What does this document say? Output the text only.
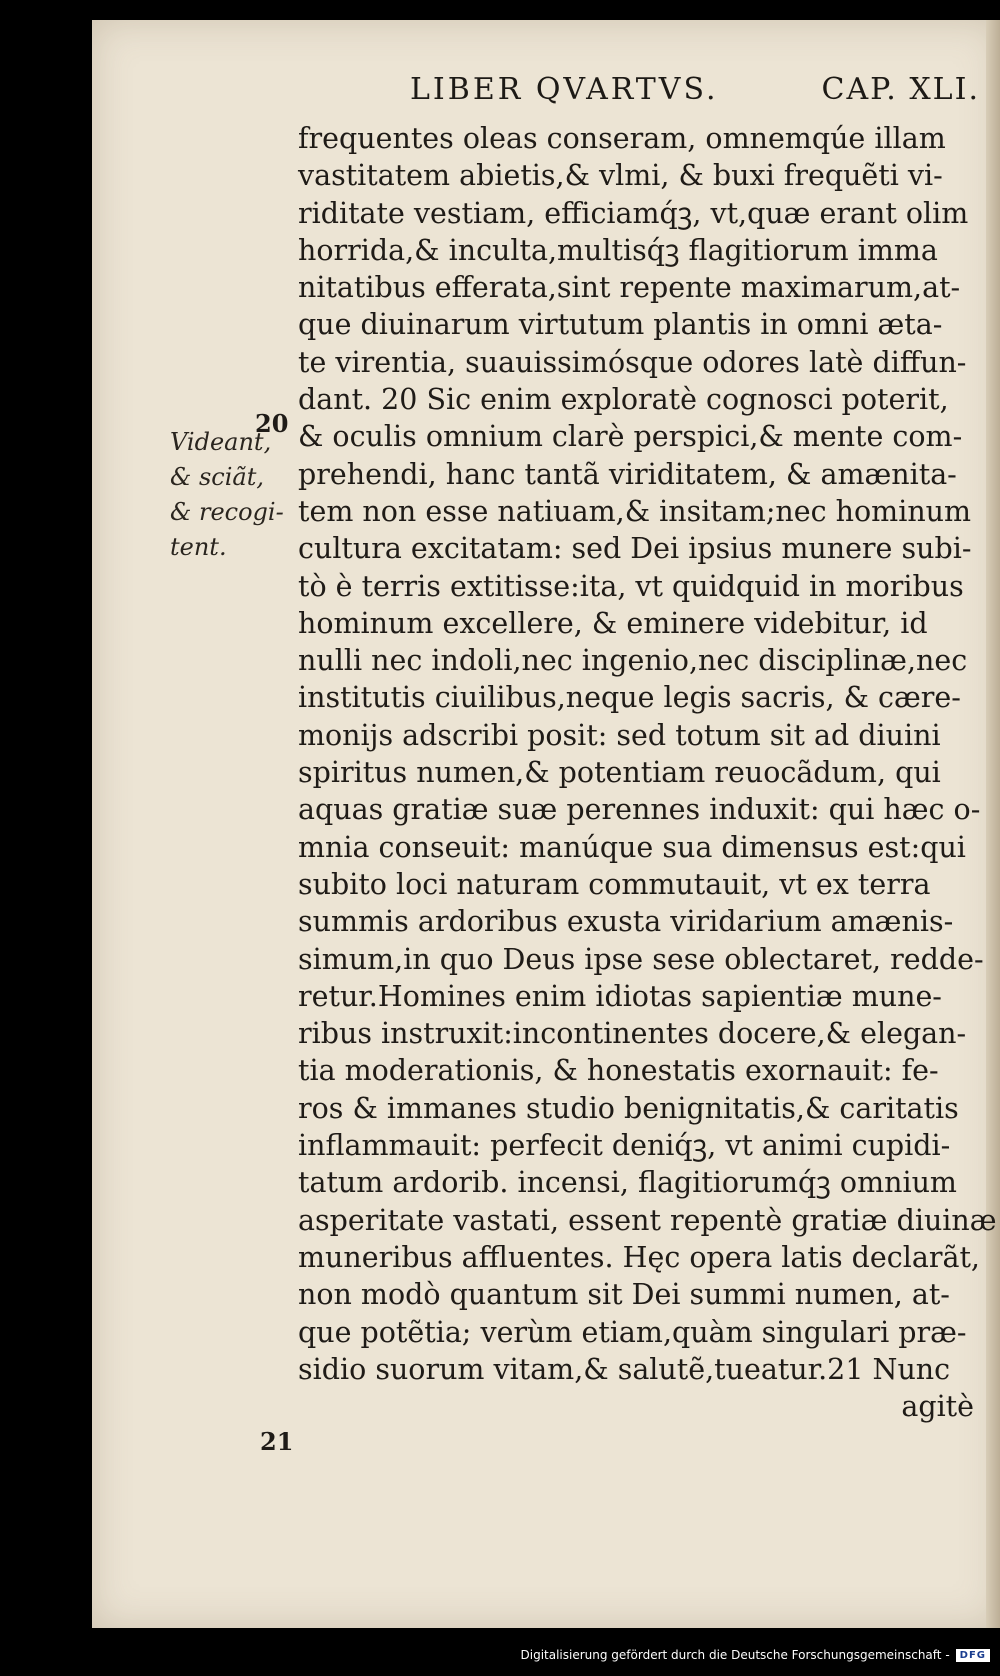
LIBER QVARTVS.	CAP. XLI.
20
21
Videant,
& sciãt,
& recogi-
tent.
frequentes oleas conseram, omnemqúe illam
vastitatem abietis,& vlmi, & buxi frequẽti vi-
riditate vestiam, efficiamq́ꝫ, vt,quæ erant olim
horrida,& inculta,multisq́ꝫ flagitiorum imma
nitatibus efferata,sint repente maximarum,at-
que diuinarum virtutum plantis in omni æta-
te virentia, suauissimósque odores latè diffun-
dant. 20 Sic enim exploratè cognosci poterit,
& oculis omnium clarè perspici,& mente com-
prehendi, hanc tantã viriditatem, & amænita-
tem non esse natiuam,& insitam;nec hominum
cultura excitatam: sed Dei ipsius munere subi-
tò è terris extitisse:ita, vt quidquid in moribus
hominum excellere, & eminere videbitur, id
nulli nec indoli,nec ingenio,nec disciplinæ,nec
institutis ciuilibus,neque legis sacris, & cære-
monijs adscribi posit: sed totum sit ad diuini
spiritus numen,& potentiam reuocãdum, qui
aquas gratiæ suæ perennes induxit: qui hæc o-
mnia conseuit: manúque sua dimensus est:qui
subito loci naturam commutauit, vt ex terra
summis ardoribus exusta viridarium amænis-
simum,in quo Deus ipse sese oblectaret, redde-
retur.Homines enim idiotas sapientiæ mune-
ribus instruxit:incontinentes docere,& elegan-
tia moderationis, & honestatis exornauit: fe-
ros & immanes studio benignitatis,& caritatis
inflammauit: perfecit deniq́ꝫ, vt animi cupidi-
tatum ardorib. incensi, flagitiorumq́ꝫ omnium
asperitate vastati, essent repentè gratiæ diuinæ
muneribus affluentes. Hęc opera latis declarãt,
non modò quantum sit Dei summi numen, at-
que potẽtia; verùm etiam,quàm singulari præ-
sidio suorum vitam,& salutẽ,tueatur.21 Nunc
agitè
Digitalisierung gefördert durch die Deutsche Forschungsgemeinschaft -	DFG
